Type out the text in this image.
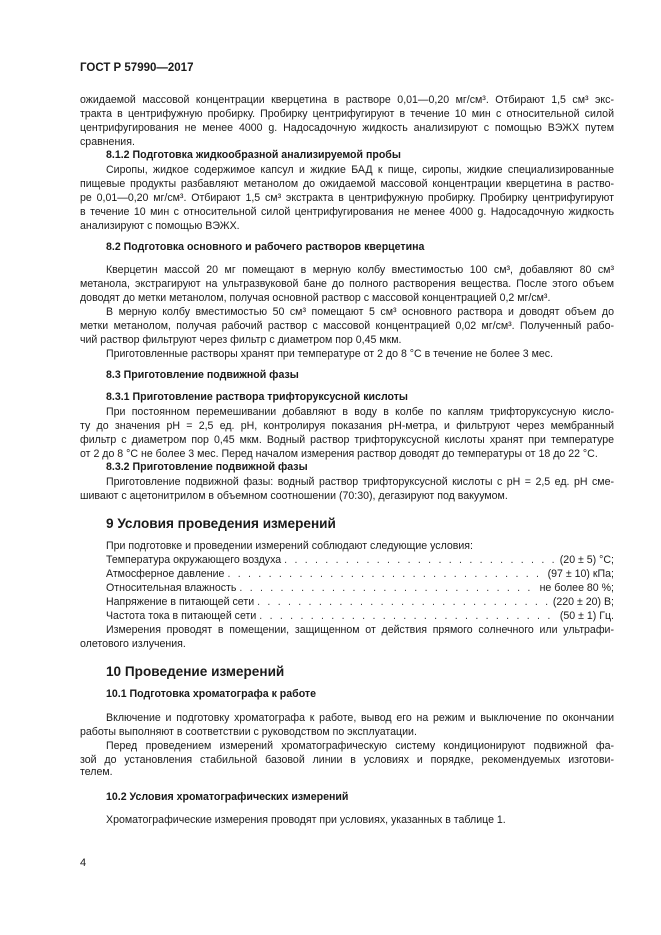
ГОСТ Р 57990—2017
ожидаемой массовой концентрации кверцетина в растворе 0,01—0,20 мг/см³. Отбирают 1,5 см³ экс-
тракта в центрифужную пробирку. Пробирку центрифугируют в течение 10 мин с относительной силой
центрифугирования не менее 4000 g. Надосадочную жидкость анализируют с помощью ВЭЖХ путем
сравнения.
8.1.2 Подготовка жидкообразной анализируемой пробы
Сиропы, жидкое содержимое капсул и жидкие БАД к пище, сиропы, жидкие специализированные
пищевые продукты разбавляют метанолом до ожидаемой массовой концентрации кверцетина в раство-
ре 0,01—0,20 мг/см³. Отбирают 1,5 см³ экстракта в центрифужную пробирку. Пробирку центрифугируют
в течение 10 мин с относительной силой центрифугирования не менее 4000 g. Надосадочную жидкость
анализируют с помощью ВЭЖХ.
8.2 Подготовка основного и рабочего растворов кверцетина
Кверцетин массой 20 мг помещают в мерную колбу вместимостью 100 см³, добавляют 80 см³
метанола, экстрагируют на ультразвуковой бане до полного растворения вещества. После этого объем
доводят до метки метанолом, получая основной раствор с массовой концентрацией 0,2 мг/см³.
В мерную колбу вместимостью 50 см³ помещают 5 см³ основного раствора и доводят объем до
метки метанолом, получая рабочий раствор с массовой концентрацией 0,02 мг/см³. Полученный рабо-
чий раствор фильтруют через фильтр с диаметром пор 0,45 мкм.
Приготовленные растворы хранят при температуре от 2 до 8 °С в течение не более 3 мес.
8.3 Приготовление подвижной фазы
8.3.1 Приготовление раствора трифторуксусной кислоты
При постоянном перемешивании добавляют в воду в колбе по каплям трифторуксусную кисло-
ту до значения pH = 2,5 ед. pH, контролируя показания pH-метра, и фильтруют через мембранный
фильтр с диаметром пор 0,45 мкм. Водный раствор трифторуксусной кислоты хранят при температуре
от 2 до 8 °С не более 3 мес. Перед началом измерения раствор доводят до температуры от 18 до 22 °С.
8.3.2 Приготовление подвижной фазы
Приготовление подвижной фазы: водный раствор трифторуксусной кислоты с pH = 2,5 ед. pH сме-
шивают с ацетонитрилом в объемном соотношении (70:30), дегазируют под вакуумом.
9 Условия проведения измерений
При подготовке и проведении измерений соблюдают следующие условия:
Температура окружающего воздуха . . .	(20 ± 5) °С;
Атмосферное давление . . .	(97 ± 10) кПа;
Относительная влажность . . .	не более 80 %;
Напряжение в питающей сети . . .	(220 ± 20) В;
Частота тока в питающей сети . . .	(50 ± 1) Гц.
Измерения проводят в помещении, защищенном от действия прямого солнечного или ультрафи-
олетового излучения.
10 Проведение измерений
10.1 Подготовка хроматографа к работе
Включение и подготовку хроматографа к работе, вывод его на режим и выключение по окончании
работы выполняют в соответствии с руководством по эксплуатации.
Перед проведением измерений хроматографическую систему кондиционируют подвижной фа-
зой до установления стабильной базовой линии в условиях и порядке, рекомендуемых изготови-
телем.
10.2 Условия хроматографических измерений
Хроматографические измерения проводят при условиях, указанных в таблице 1.
4
